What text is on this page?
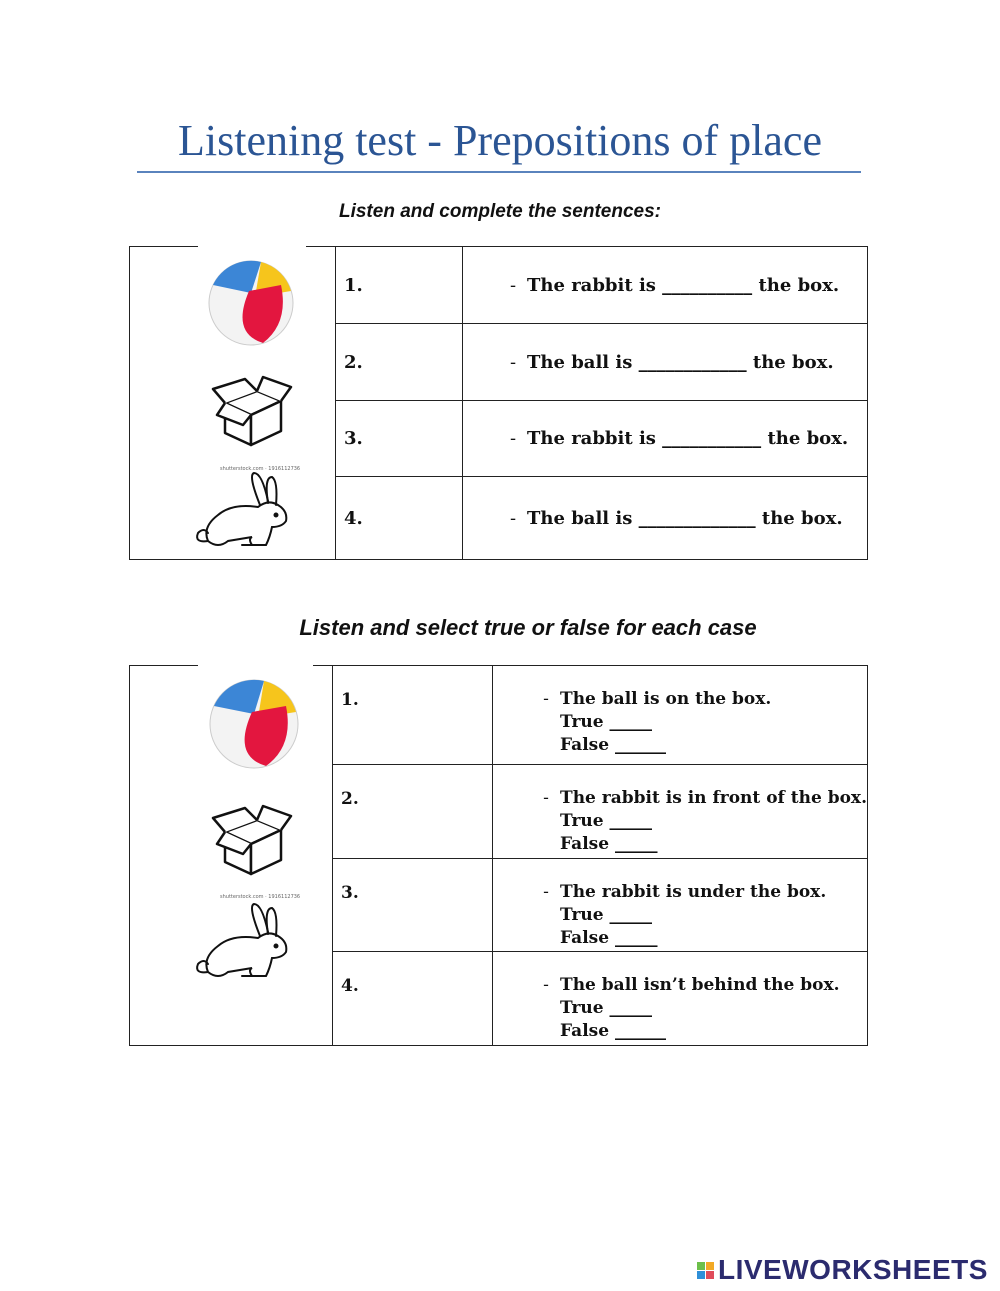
Listening test - Prepositions of place
Listen and complete the sentences:
shutterstock.com · 1916112736	1.	- The rabbit is __________ the box.
	2.	- The ball is ____________ the box.
	3.	- The rabbit is ___________ the box.
	4.	- The ball is _____________ the box.
Listen and select true or false for each case
shutterstock.com · 1916112736	1.	- The ball is on the box.
True _____
False ______

	2.	- The rabbit is in front of the box.
True _____
False _____

	3.	- The rabbit is under the box.
True _____
False _____

	4.	- The ball isn’t behind the box.
True _____
False ______
LIVEWORKSHEETS
